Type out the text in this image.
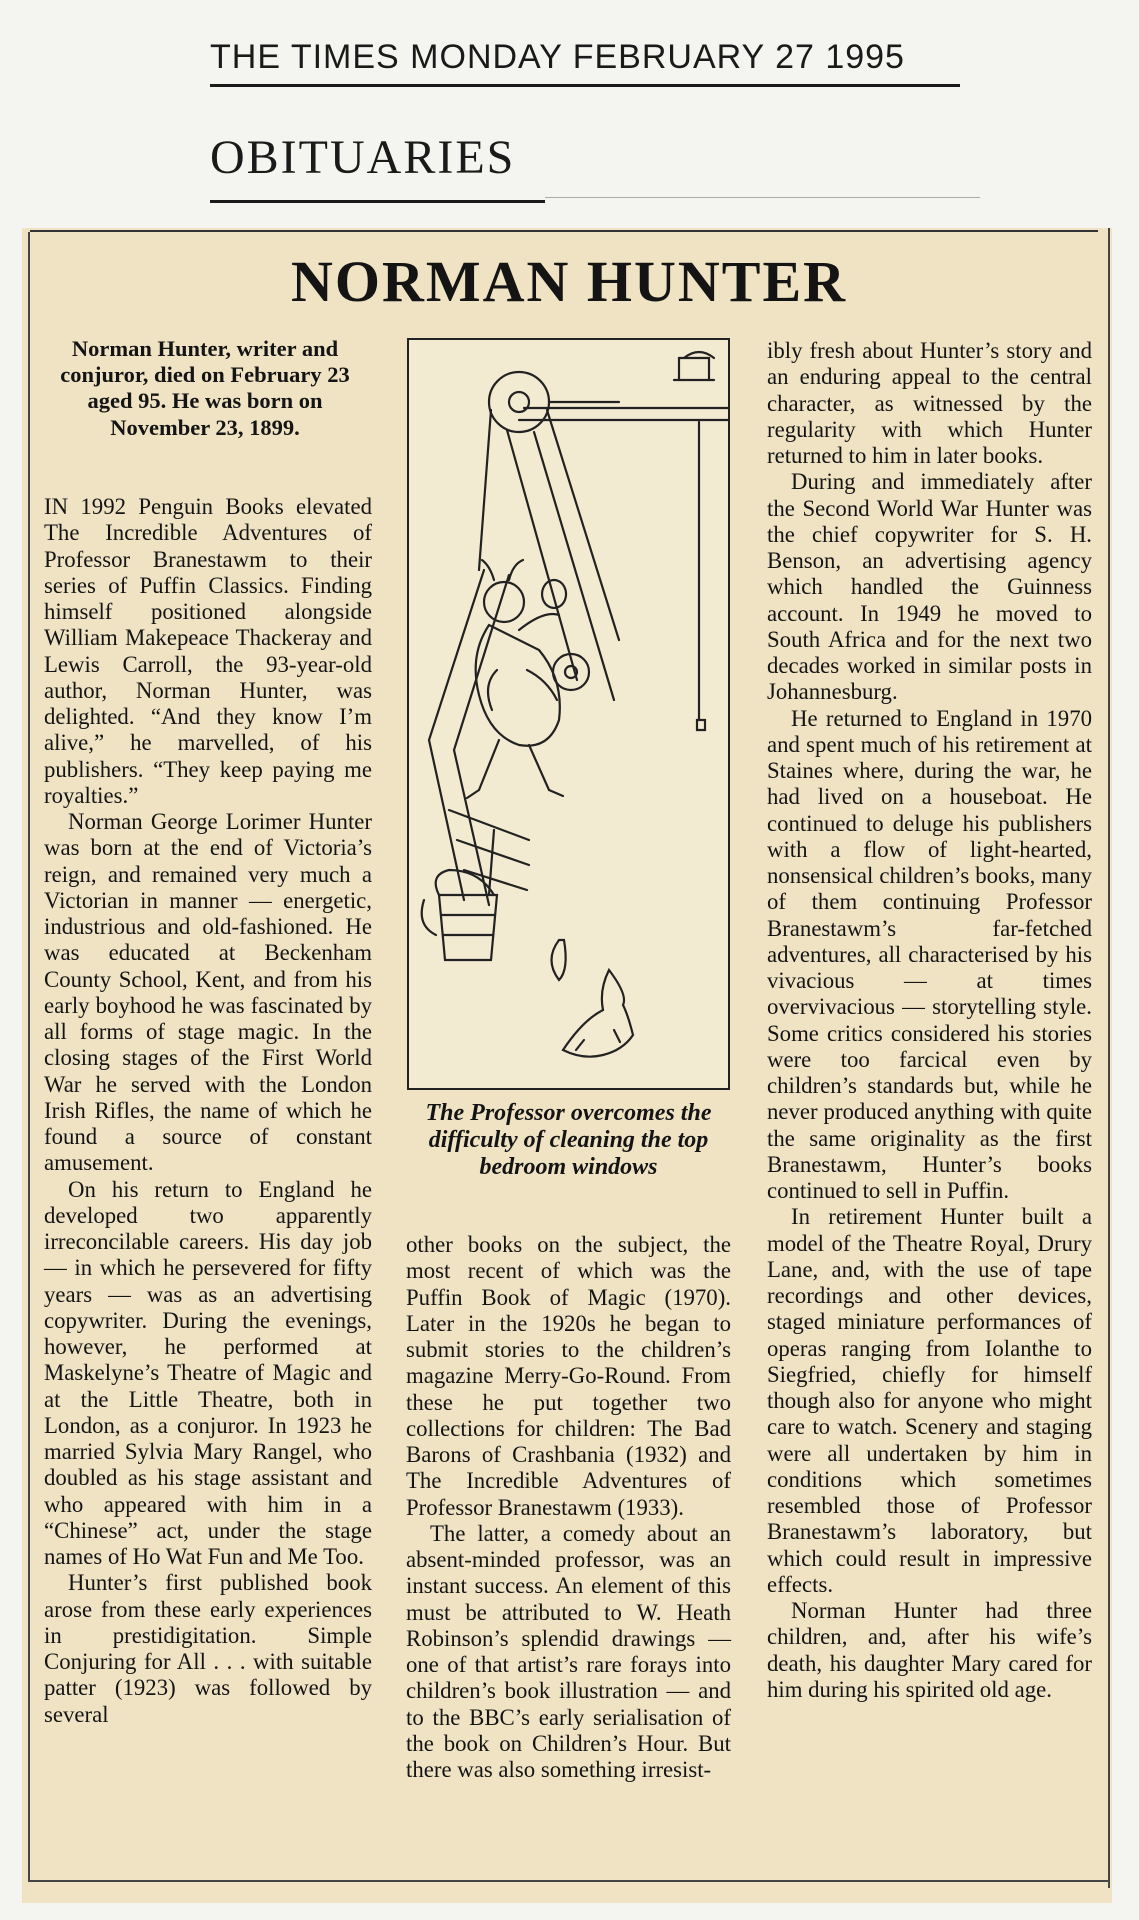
THE TIMES MONDAY FEBRUARY 27 1995
OBITUARIES
NORMAN HUNTER
Norman Hunter, writer and conjuror, died on February 23 aged 95. He was born on November 23, 1899.

IN 1992 Penguin Books elevated The Incredible Adventures of Professor Branestawm to their series of Puffin Classics. Finding himself positioned alongside William Makepeace Thackeray and Lewis Carroll, the 93-year-old author, Norman Hunter, was delighted. “And they know I’m alive,” he marvelled, of his publishers. “They keep paying me royalties.”

Norman George Lorimer Hunter was born at the end of Victoria’s reign, and remained very much a Victorian in manner — energetic, industrious and old-fashioned. He was educated at Beckenham County School, Kent, and from his early boyhood he was fascinated by all forms of stage magic. In the closing stages of the First World War he served with the London Irish Rifles, the name of which he found a source of constant amusement.

On his return to England he developed two apparently irreconcilable careers. His day job — in which he persevered for fifty years — was as an advertising copywriter. During the evenings, however, he performed at Maskelyne’s Theatre of Magic and at the Little Theatre, both in London, as a conjuror. In 1923 he married Sylvia Mary Rangel, who doubled as his stage assistant and who appeared with him in a “Chinese” act, under the stage names of Ho Wat Fun and Me Too.

Hunter’s first published book arose from these early experiences in prestidigitation. Simple Conjuring for All . . . with suitable patter (1923) was followed by several

The Professor overcomes the difficulty of cleaning the top bedroom windows

other books on the subject, the most recent of which was the Puffin Book of Magic (1970). Later in the 1920s he began to submit stories to the children’s magazine Merry-Go-Round. From these he put together two collections for children: The Bad Barons of Crashbania (1932) and The Incredible Adventures of Professor Branestawm (1933).

The latter, a comedy about an absent-minded professor, was an instant success. An element of this must be attributed to W. Heath Robinson’s splendid drawings — one of that artist’s rare forays into children’s book illustration — and to the BBC’s early serialisation of the book on Children’s Hour. But there was also something irresist-

ibly fresh about Hunter’s story and an enduring appeal to the central character, as witnessed by the regularity with which Hunter returned to him in later books.

During and immediately after the Second World War Hunter was the chief copywriter for S. H. Benson, an advertising agency which handled the Guinness account. In 1949 he moved to South Africa and for the next two decades worked in similar posts in Johannesburg.

He returned to England in 1970 and spent much of his retirement at Staines where, during the war, he had lived on a houseboat. He continued to deluge his publishers with a flow of light-hearted, nonsensical children’s books, many of them continuing Professor Branestawm’s far-fetched adventures, all characterised by his vivacious — at times overvivacious — storytelling style. Some critics considered his stories were too farcical even by children’s standards but, while he never produced anything with quite the same originality as the first Branestawm, Hunter’s books continued to sell in Puffin.

In retirement Hunter built a model of the Theatre Royal, Drury Lane, and, with the use of tape recordings and other devices, staged miniature performances of operas ranging from Iolanthe to Siegfried, chiefly for himself though also for anyone who might care to watch. Scenery and staging were all undertaken by him in conditions which sometimes resembled those of Professor Branestawm’s laboratory, but which could result in impressive effects.

Norman Hunter had three children, and, after his wife’s death, his daughter Mary cared for him during his spirited old age.
